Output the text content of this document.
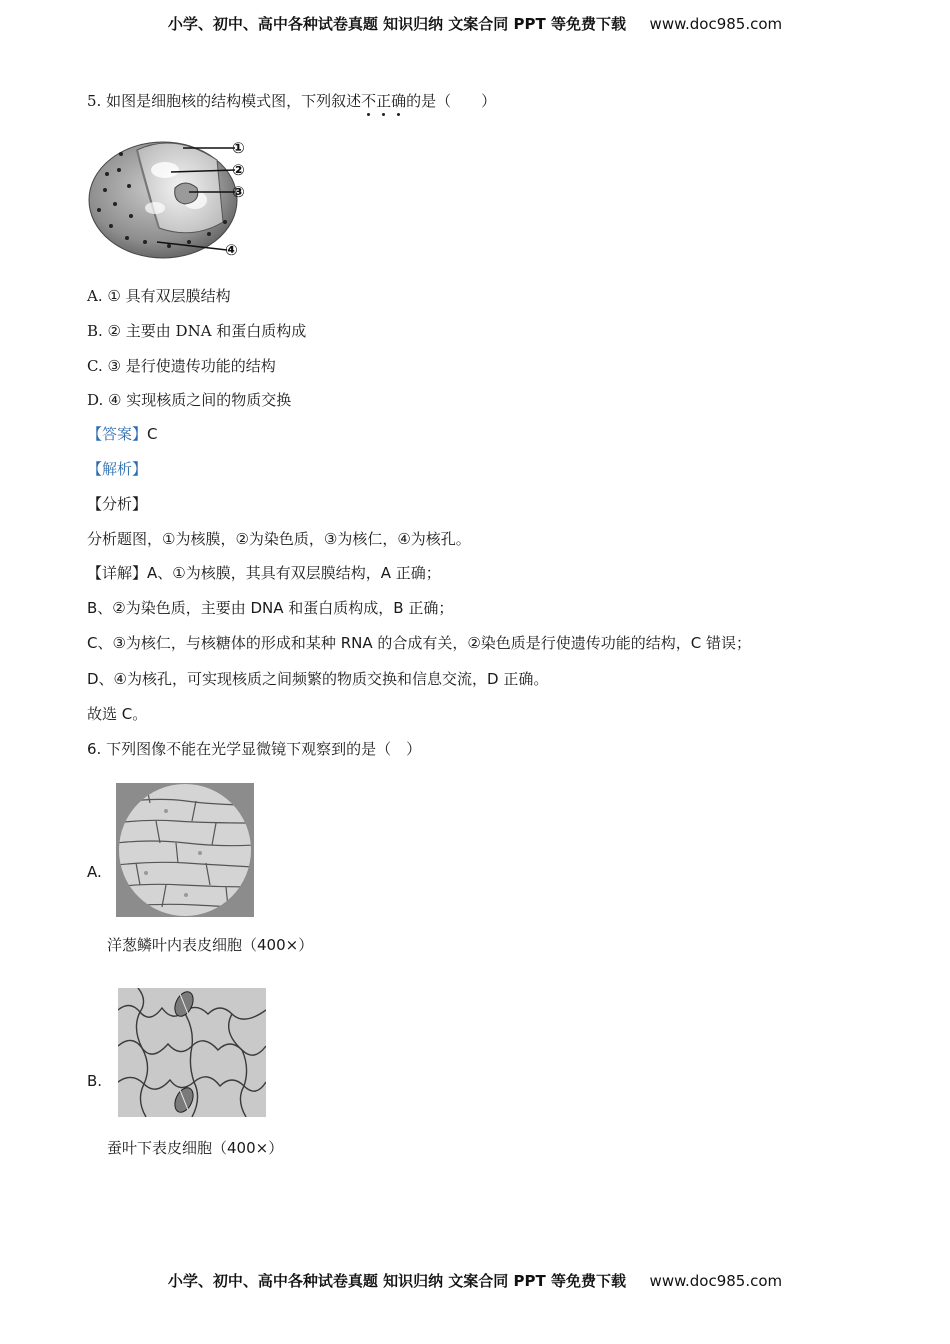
小学、初中、高中各种试卷真题 知识归纳 文案合同 PPT 等免费下载 www.doc985.com
5. 如图是细胞核的结构模式图，下列叙述不正确的是（　　）
①
②
③
④
A. ① 具有双层膜结构
B. ② 主要由 DNA 和蛋白质构成
C. ③ 是行使遗传功能的结构
D. ④ 实现核质之间的物质交换
【答案】C
【解析】
【分析】
分析题图，①为核膜，②为染色质，③为核仁，④为核孔。
【详解】A、①为核膜，其具有双层膜结构，A 正确；
B、②为染色质，主要由 DNA 和蛋白质构成，B 正确；
C、③为核仁，与核糖体的形成和某种 RNA 的合成有关，②染色质是行使遗传功能的结构，C 错误；
D、④为核孔，可实现核质之间频繁的物质交换和信息交流，D 正确。
故选 C。
6. 下列图像不能在光学显微镜下观察到的是（　）
A.
洋葱鳞叶内表皮细胞（400×）
B.
蚕叶下表皮细胞（400×）
小学、初中、高中各种试卷真题 知识归纳 文案合同 PPT 等免费下载 www.doc985.com
